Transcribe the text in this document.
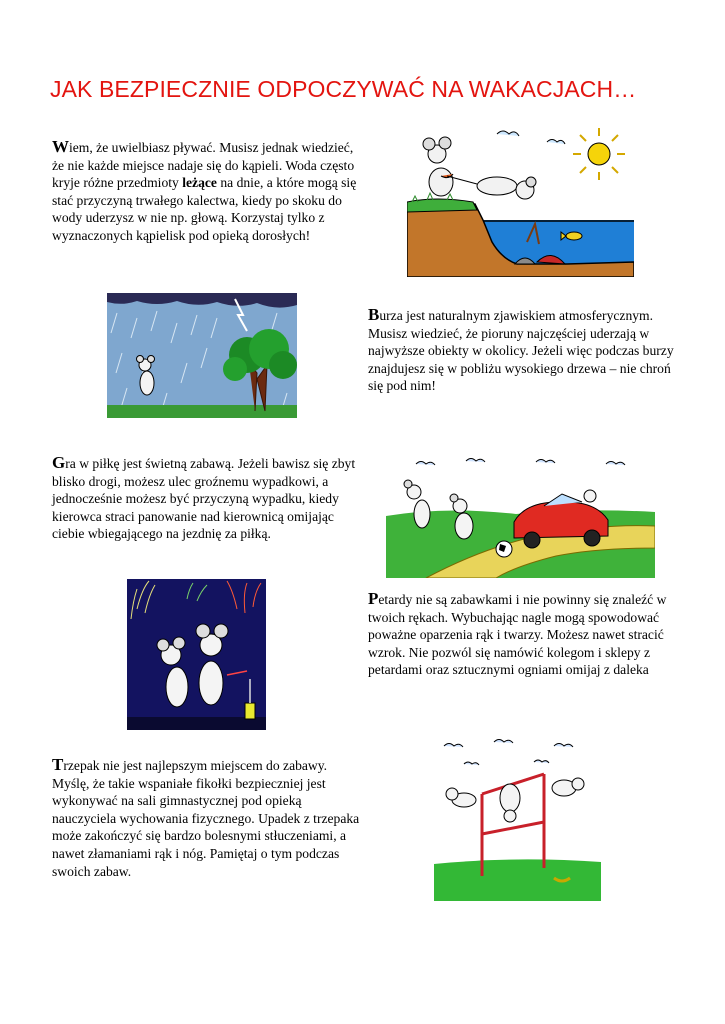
JAK BEZPIECZNIE ODPOCZYWAĆ NA WAKACJACH…
Wiem, że uwielbiasz pływać. Musisz jednak wiedzieć, że nie każde miejsce nadaje się do kąpieli. Woda często kryje różne przedmioty leżące na dnie, a które mogą się stać przyczyną trwałego kalectwa, kiedy po skoku do wody uderzysz w nie np. głową. Korzystaj tylko z wyznaczonych kąpielisk pod opieką dorosłych!
Burza jest naturalnym zjawiskiem atmosferycznym. Musisz wiedzieć, że pioruny najczęściej uderzają w najwyższe obiekty w okolicy. Jeżeli więc podczas burzy znajdujesz się w pobliżu wysokiego drzewa – nie chroń się pod nim!
Gra w piłkę jest świetną zabawą. Jeżeli bawisz się zbyt blisko drogi, możesz ulec groźnemu wypadkowi, a jednocześnie możesz być przyczyną wypadku, kiedy kierowca straci panowanie nad kierownicą omijając ciebie wbiegającego na jezdnię za piłką.
Petardy nie są zabawkami i nie powinny się znaleźć w twoich rękach. Wybuchając nagle mogą spowodować poważne oparzenia rąk i twarzy. Możesz nawet stracić wzrok. Nie pozwól się namówić kolegom i sklepy z petardami oraz sztucznymi ogniami omijaj z daleka
Trzepak nie jest najlepszym miejscem do zabawy. Myślę, że takie wspaniałe fikołki bezpieczniej jest wykonywać na sali gimnastycznej pod opieką nauczyciela wychowania fizycznego. Upadek z trzepaka może zakończyć się bardzo bolesnymi stłuczeniami, a nawet złamaniami rąk i nóg. Pamiętaj o tym podczas swoich zabaw.
